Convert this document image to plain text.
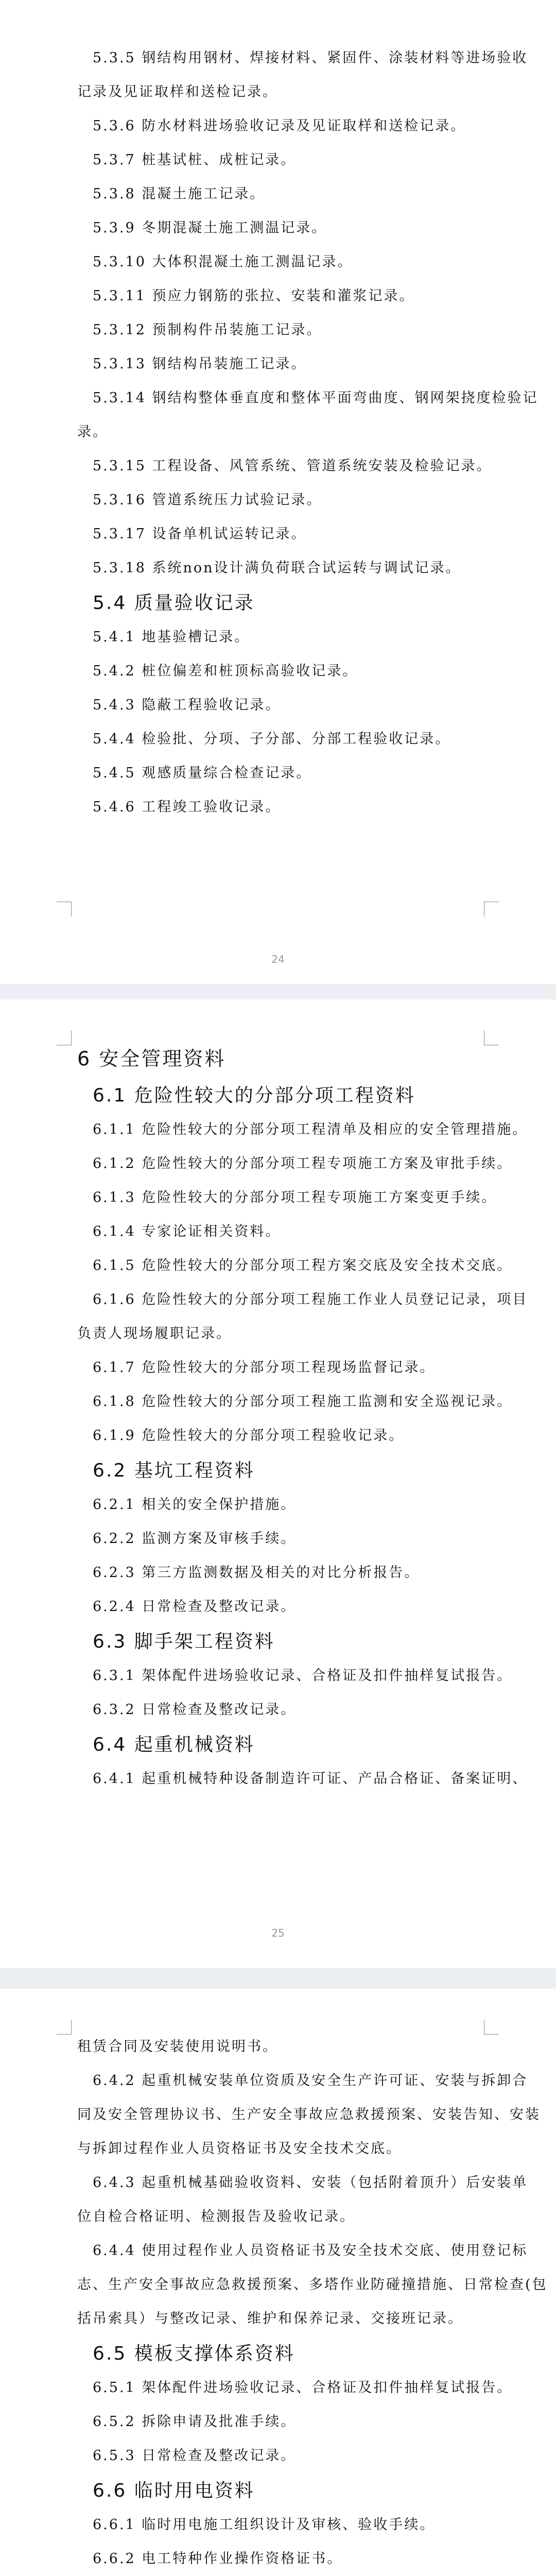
5.3.5 钢结构用钢材、焊接材料、紧固件、涂装材料等进场验收
记录及见证取样和送检记录。
5.3.6 防水材料进场验收记录及见证取样和送检记录。
5.3.7 桩基试桩、成桩记录。
5.3.8 混凝土施工记录。
5.3.9 冬期混凝土施工测温记录。
5.3.10 大体积混凝土施工测温记录。
5.3.11 预应力钢筋的张拉、安装和灌浆记录。
5.3.12 预制构件吊装施工记录。
5.3.13 钢结构吊装施工记录。
5.3.14 钢结构整体垂直度和整体平面弯曲度、钢网架挠度检验记
录。
5.3.15 工程设备、风管系统、管道系统安装及检验记录。
5.3.16 管道系统压力试验记录。
5.3.17 设备单机试运转记录。
5.3.18 系统non设计满负荷联合试运转与调试记录。
5.4 质量验收记录
5.4.1 地基验槽记录。
5.4.2 桩位偏差和桩顶标高验收记录。
5.4.3 隐蔽工程验收记录。
5.4.4 检验批、分项、子分部、分部工程验收记录。
5.4.5 观感质量综合检查记录。
5.4.6 工程竣工验收记录。
24
6 安全管理资料
6.1 危险性较大的分部分项工程资料
6.1.1 危险性较大的分部分项工程清单及相应的安全管理措施。
6.1.2 危险性较大的分部分项工程专项施工方案及审批手续。
6.1.3 危险性较大的分部分项工程专项施工方案变更手续。
6.1.4 专家论证相关资料。
6.1.5 危险性较大的分部分项工程方案交底及安全技术交底。
6.1.6 危险性较大的分部分项工程施工作业人员登记记录，项目
负责人现场履职记录。
6.1.7 危险性较大的分部分项工程现场监督记录。
6.1.8 危险性较大的分部分项工程施工监测和安全巡视记录。
6.1.9 危险性较大的分部分项工程验收记录。
6.2 基坑工程资料
6.2.1 相关的安全保护措施。
6.2.2 监测方案及审核手续。
6.2.3 第三方监测数据及相关的对比分析报告。
6.2.4 日常检查及整改记录。
6.3 脚手架工程资料
6.3.1 架体配件进场验收记录、合格证及扣件抽样复试报告。
6.3.2 日常检查及整改记录。
6.4 起重机械资料
6.4.1 起重机械特种设备制造许可证、产品合格证、备案证明、
25
租赁合同及安装使用说明书。
6.4.2 起重机械安装单位资质及安全生产许可证、安装与拆卸合
同及安全管理协议书、生产安全事故应急救援预案、安装告知、安装
与拆卸过程作业人员资格证书及安全技术交底。
6.4.3 起重机械基础验收资料、安装（包括附着顶升）后安装单
位自检合格证明、检测报告及验收记录。
6.4.4 使用过程作业人员资格证书及安全技术交底、使用登记标
志、生产安全事故应急救援预案、多塔作业防碰撞措施、日常检查(包
括吊索具）与整改记录、维护和保养记录、交接班记录。
6.5 模板支撑体系资料
6.5.1 架体配件进场验收记录、合格证及扣件抽样复试报告。
6.5.2 拆除申请及批准手续。
6.5.3 日常检查及整改记录。
6.6 临时用电资料
6.6.1 临时用电施工组织设计及审核、验收手续。
6.6.2 电工特种作业操作资格证书。
